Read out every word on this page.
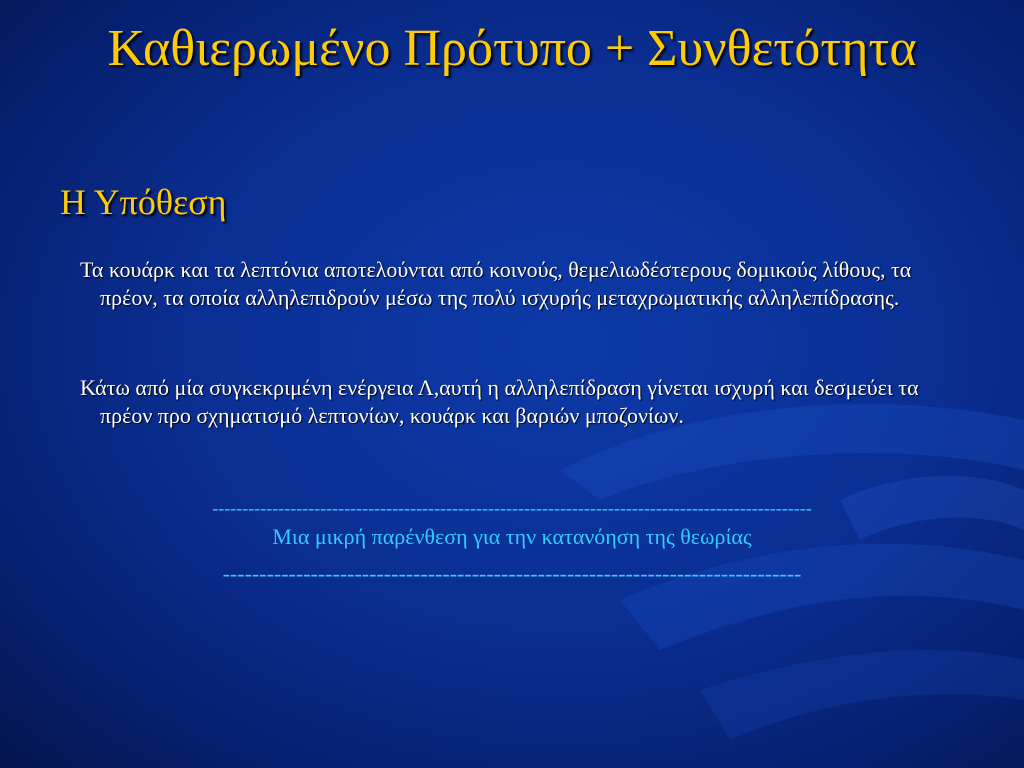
Καθιερωμένο Πρότυπο + Συνθετότητα
Η Υπόθεση
Τα κουάρκ και τα λεπτόνια αποτελούνται από κοινούς, θεμελιωδέστερους δομικούς λίθους, τα πρέον, τα οποία αλληλεπιδρούν μέσω της πολύ ισχυρής μεταχρωματικής αλληλεπίδρασης.
Κάτω από μία συγκεκριμένη ενέργεια Λ,αυτή η αλληλεπίδραση γίνεται ισχυρή και δεσμεύει τα πρέον προ σχηματισμό λεπτονίων, κουάρκ και βαριών μποζονίων.
----------------------------------------------------------------------------------------------------
Μια μικρή παρένθεση για την κατανόηση της θεωρίας
-------------------------------------------------------------------------------
